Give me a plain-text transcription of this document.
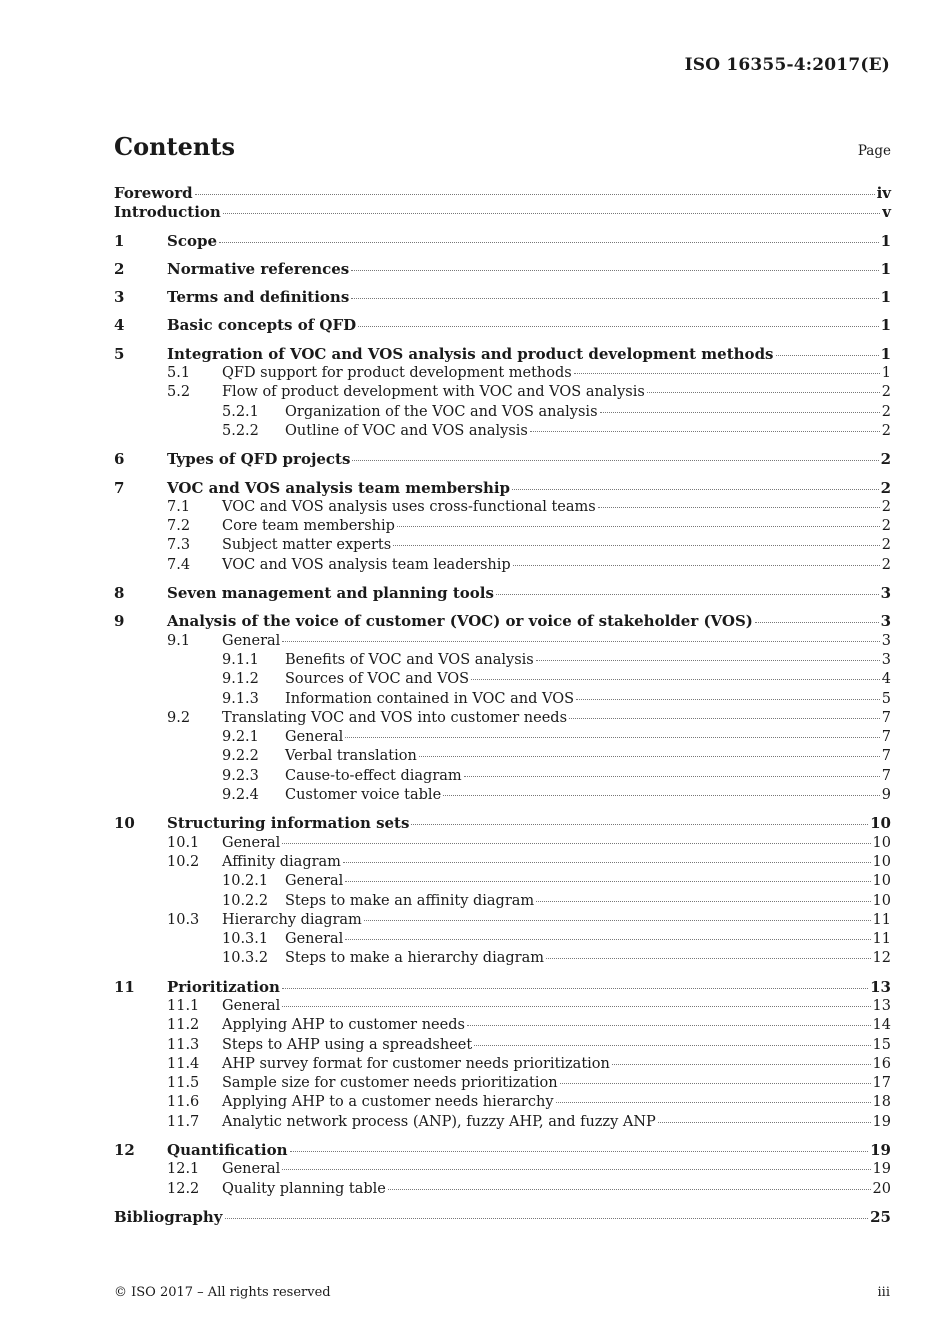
ISO 16355-4:2017(E)
Contents	Page
Foreword	iv
Introduction	v
1	Scope	1
2	Normative references	1
3	Terms and definitions	1
4	Basic concepts of QFD	1
5	Integration of VOC and VOS analysis and product development methods	1
5.1	QFD support for product development methods	1
5.2	Flow of product development with VOC and VOS analysis	2
5.2.1	Organization of the VOC and VOS analysis	2
5.2.2	Outline of VOC and VOS analysis	2
6	Types of QFD projects	2
7	VOC and VOS analysis team membership	2
7.1	VOC and VOS analysis uses cross-functional teams	2
7.2	Core team membership	2
7.3	Subject matter experts	2
7.4	VOC and VOS analysis team leadership	2
8	Seven management and planning tools	3
9	Analysis of the voice of customer (VOC) or voice of stakeholder (VOS)	3
9.1	General	3
9.1.1	Benefits of VOC and VOS analysis	3
9.1.2	Sources of VOC and VOS	4
9.1.3	Information contained in VOC and VOS	5
9.2	Translating VOC and VOS into customer needs	7
9.2.1	General	7
9.2.2	Verbal translation	7
9.2.3	Cause-to-effect diagram	7
9.2.4	Customer voice table	9
10	Structuring information sets	10
10.1	General	10
10.2	Affinity diagram	10
10.2.1	General	10
10.2.2	Steps to make an affinity diagram	10
10.3	Hierarchy diagram	11
10.3.1	General	11
10.3.2	Steps to make a hierarchy diagram	12
11	Prioritization	13
11.1	General	13
11.2	Applying AHP to customer needs	14
11.3	Steps to AHP using a spreadsheet	15
11.4	AHP survey format for customer needs prioritization	16
11.5	Sample size for customer needs prioritization	17
11.6	Applying AHP to a customer needs hierarchy	18
11.7	Analytic network process (ANP), fuzzy AHP, and fuzzy ANP	19
12	Quantification	19
12.1	General	19
12.2	Quality planning table	20
Bibliography	25
© ISO 2017 – All rights reserved	iii
